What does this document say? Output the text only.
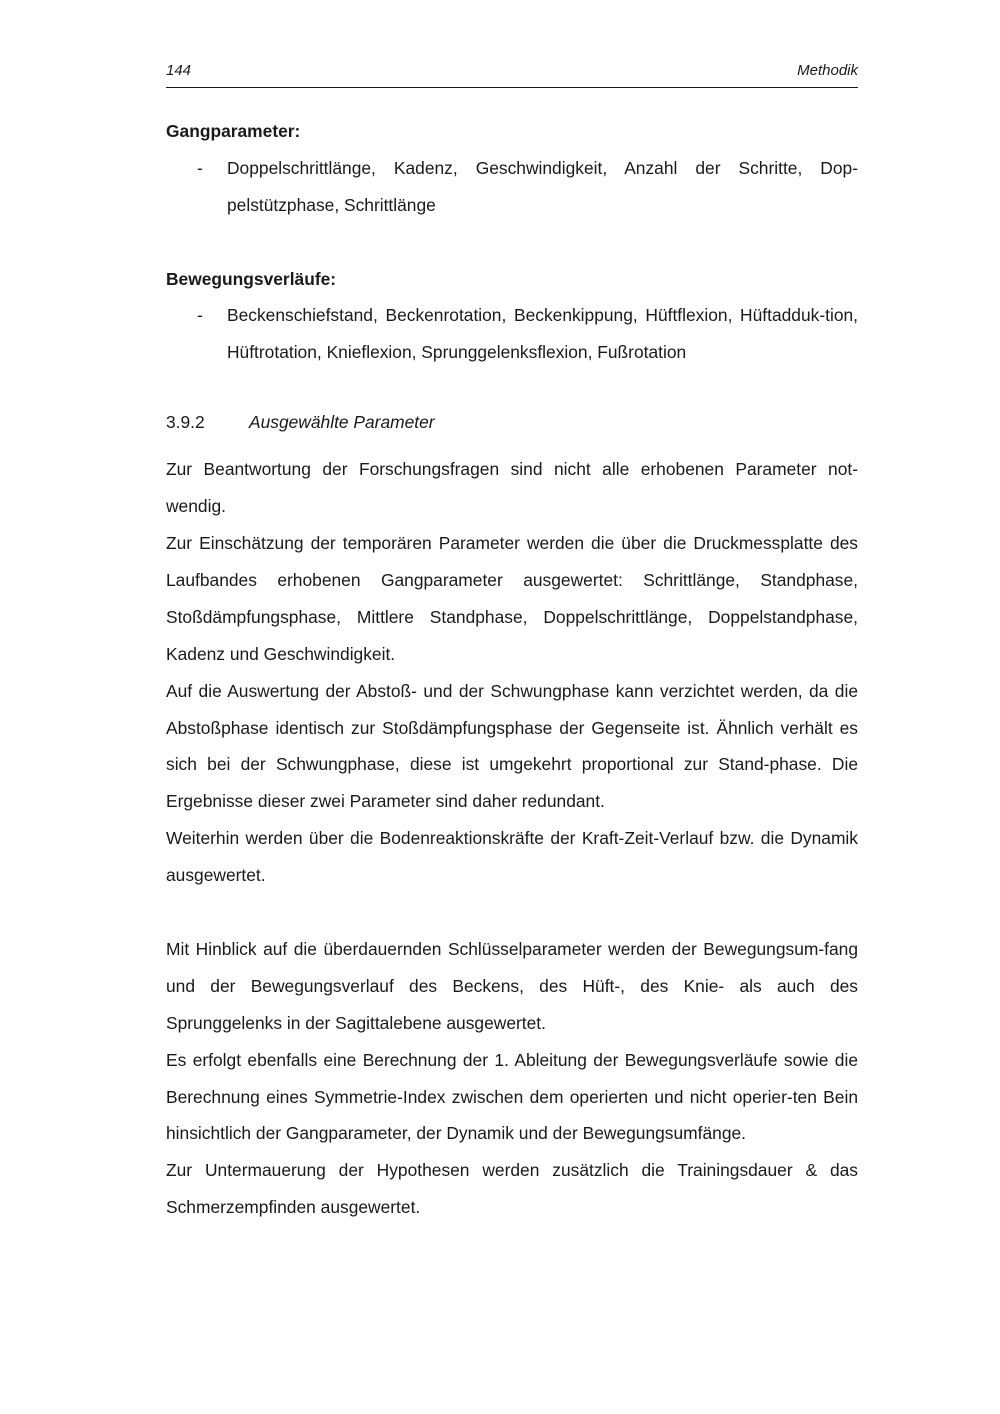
144	Methodik
Gangparameter:
- Doppelschrittlänge, Kadenz, Geschwindigkeit, Anzahl der Schritte, Dop-pelstützphase, Schrittlänge
Bewegungsverläufe:
- Beckenschiefstand, Beckenrotation, Beckenkippung, Hüftflexion, Hüftadduk-tion, Hüftrotation, Knieflexion, Sprunggelenksflexion, Fußrotation
3.9.2	Ausgewählte Parameter

Zur Beantwortung der Forschungsfragen sind nicht alle erhobenen Parameter not-wendig.

Zur Einschätzung der temporären Parameter werden die über die Druckmessplatte des Laufbandes erhobenen Gangparameter ausgewertet: Schrittlänge, Standphase, Stoßdämpfungsphase, Mittlere Standphase, Doppelschrittlänge, Doppelstandphase, Kadenz und Geschwindigkeit.

Auf die Auswertung der Abstoß- und der Schwungphase kann verzichtet werden, da die Abstoßphase identisch zur Stoßdämpfungsphase der Gegenseite ist. Ähnlich verhält es sich bei der Schwungphase, diese ist umgekehrt proportional zur Stand-phase. Die Ergebnisse dieser zwei Parameter sind daher redundant.

Weiterhin werden über die Bodenreaktionskräfte der Kraft-Zeit-Verlauf bzw. die Dynamik ausgewertet.

Mit Hinblick auf die überdauernden Schlüsselparameter werden der Bewegungsum-fang und der Bewegungsverlauf des Beckens, des Hüft-, des Knie- als auch des Sprunggelenks in der Sagittalebene ausgewertet.

Es erfolgt ebenfalls eine Berechnung der 1. Ableitung der Bewegungsverläufe sowie die Berechnung eines Symmetrie-Index zwischen dem operierten und nicht operier-ten Bein hinsichtlich der Gangparameter, der Dynamik und der Bewegungsumfänge.

Zur Untermauerung der Hypothesen werden zusätzlich die Trainingsdauer & das Schmerzempfinden ausgewertet.
